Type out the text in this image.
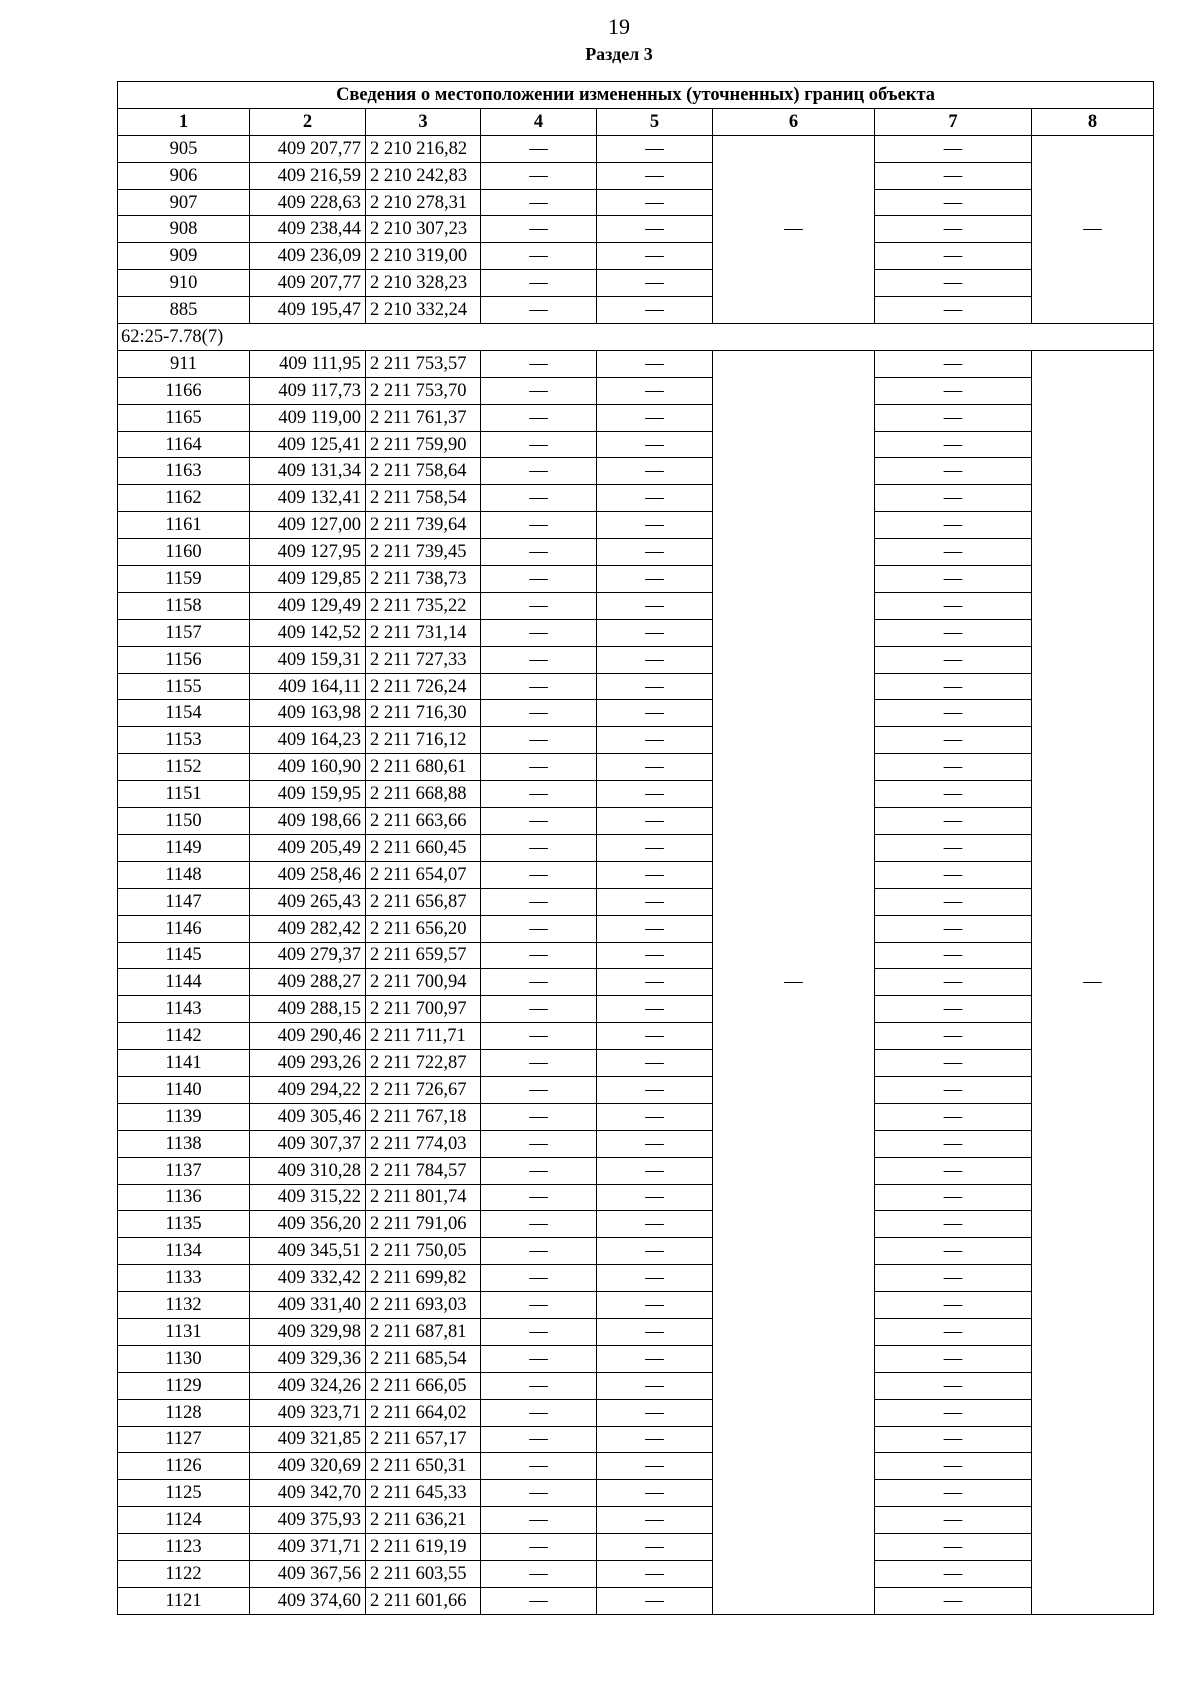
19
Раздел 3
Сведения о местоположении измененных (уточненных) границ объекта							
1	2	3	4	5	6	7	8
905	409 207,77	2 210 216,82	—	—	—	—	—
906	409 216,59	2 210 242,83	—	—		—	
907	409 228,63	2 210 278,31	—	—		—	
908	409 238,44	2 210 307,23	—	—		—	
909	409 236,09	2 210 319,00	—	—		—	
910	409 207,77	2 210 328,23	—	—		—	
885	409 195,47	2 210 332,24	—	—		—	
62:25-7.78(7)							
911	409 111,95	2 211 753,57	—	—	—	—	—
1166	409 117,73	2 211 753,70	—	—		—	
1165	409 119,00	2 211 761,37	—	—		—	
1164	409 125,41	2 211 759,90	—	—		—	
1163	409 131,34	2 211 758,64	—	—		—	
1162	409 132,41	2 211 758,54	—	—		—	
1161	409 127,00	2 211 739,64	—	—		—	
1160	409 127,95	2 211 739,45	—	—		—	
1159	409 129,85	2 211 738,73	—	—		—	
1158	409 129,49	2 211 735,22	—	—		—	
1157	409 142,52	2 211 731,14	—	—		—	
1156	409 159,31	2 211 727,33	—	—		—	
1155	409 164,11	2 211 726,24	—	—		—	
1154	409 163,98	2 211 716,30	—	—		—	
1153	409 164,23	2 211 716,12	—	—		—	
1152	409 160,90	2 211 680,61	—	—		—	
1151	409 159,95	2 211 668,88	—	—		—	
1150	409 198,66	2 211 663,66	—	—		—	
1149	409 205,49	2 211 660,45	—	—		—	
1148	409 258,46	2 211 654,07	—	—		—	
1147	409 265,43	2 211 656,87	—	—		—	
1146	409 282,42	2 211 656,20	—	—		—	
1145	409 279,37	2 211 659,57	—	—		—	
1144	409 288,27	2 211 700,94	—	—		—	
1143	409 288,15	2 211 700,97	—	—		—	
1142	409 290,46	2 211 711,71	—	—		—	
1141	409 293,26	2 211 722,87	—	—		—	
1140	409 294,22	2 211 726,67	—	—		—	
1139	409 305,46	2 211 767,18	—	—		—	
1138	409 307,37	2 211 774,03	—	—		—	
1137	409 310,28	2 211 784,57	—	—		—	
1136	409 315,22	2 211 801,74	—	—		—	
1135	409 356,20	2 211 791,06	—	—		—	
1134	409 345,51	2 211 750,05	—	—		—	
1133	409 332,42	2 211 699,82	—	—		—	
1132	409 331,40	2 211 693,03	—	—		—	
1131	409 329,98	2 211 687,81	—	—		—	
1130	409 329,36	2 211 685,54	—	—		—	
1129	409 324,26	2 211 666,05	—	—		—	
1128	409 323,71	2 211 664,02	—	—		—	
1127	409 321,85	2 211 657,17	—	—		—	
1126	409 320,69	2 211 650,31	—	—		—	
1125	409 342,70	2 211 645,33	—	—		—	
1124	409 375,93	2 211 636,21	—	—		—	
1123	409 371,71	2 211 619,19	—	—		—	
1122	409 367,56	2 211 603,55	—	—		—	
1121	409 374,60	2 211 601,66	—	—		—	
